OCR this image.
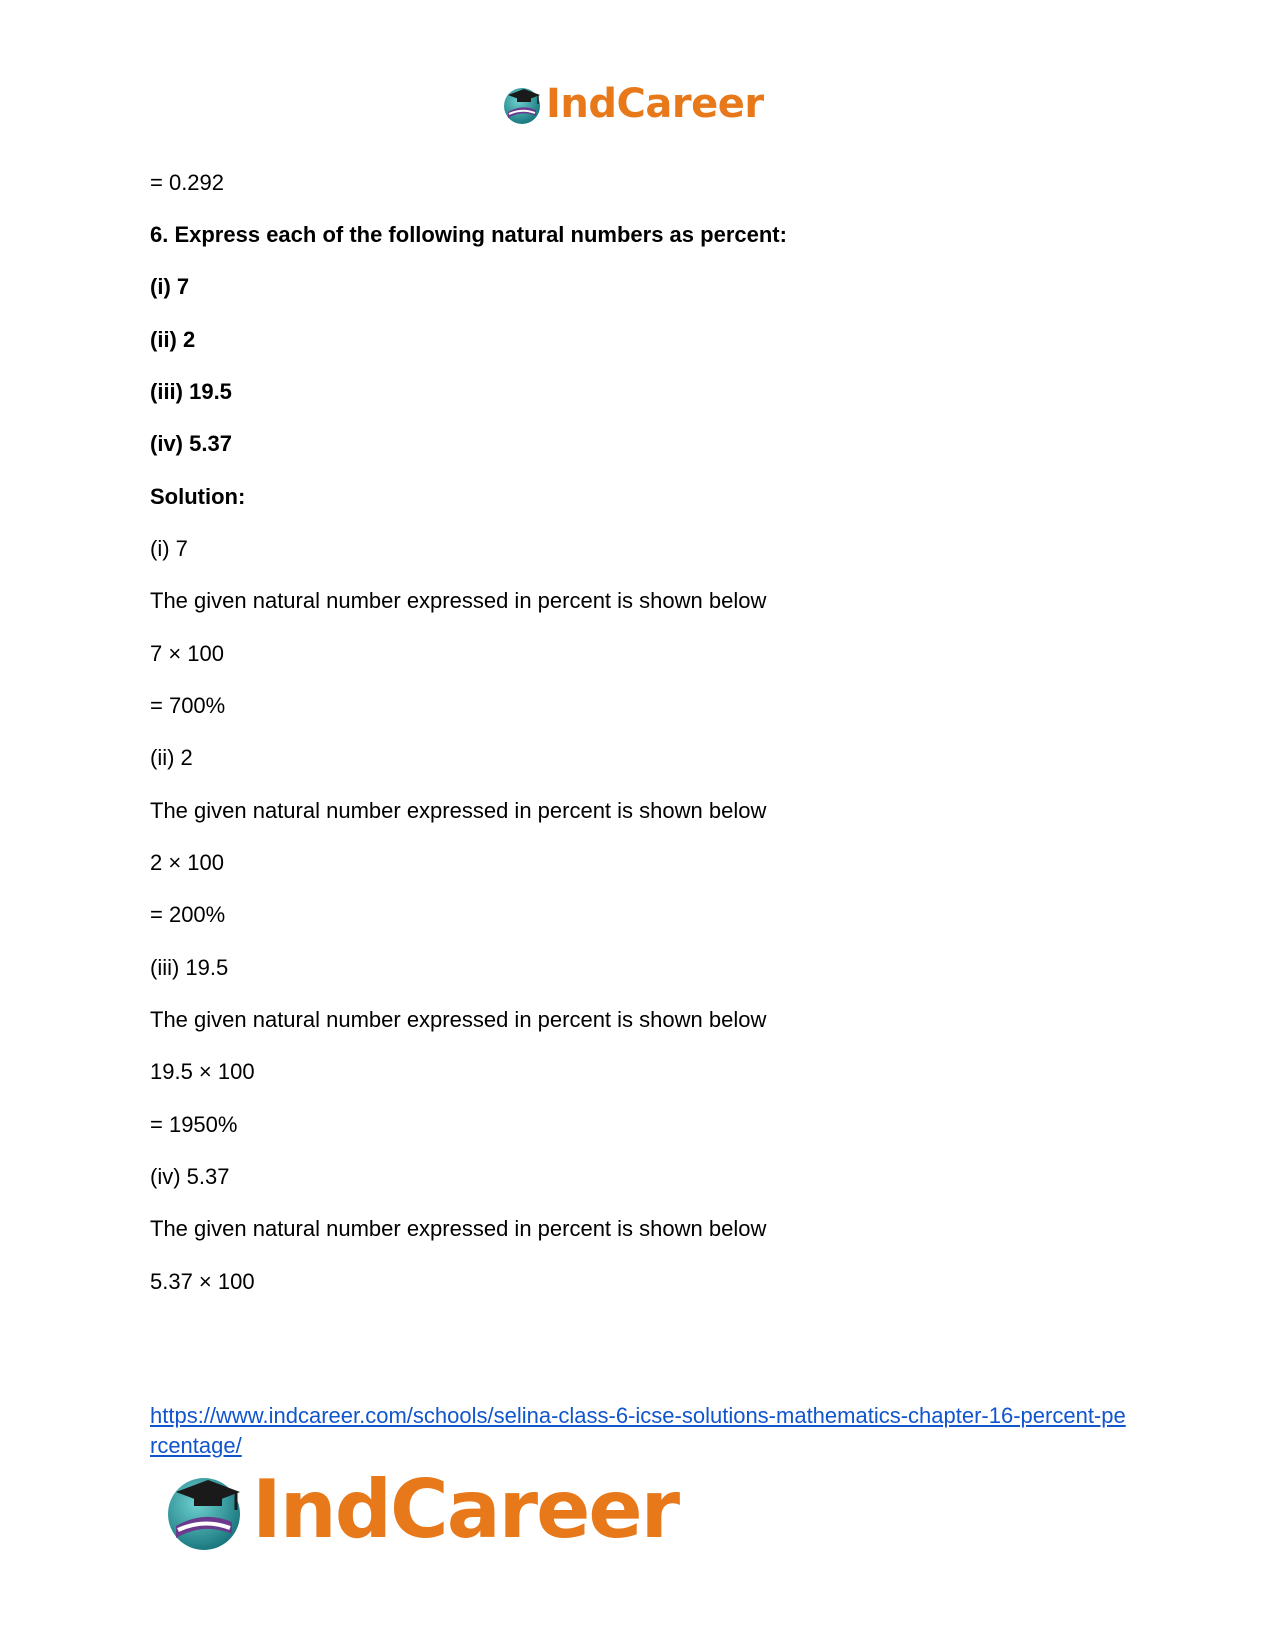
IndCareer
= 0.292
6. Express each of the following natural numbers as percent:
(i) 7
(ii) 2
(iii) 19.5
(iv) 5.37
Solution:
(i) 7
The given natural number expressed in percent is shown below
7 × 100
= 700%
(ii) 2
The given natural number expressed in percent is shown below
2 × 100
= 200%
(iii) 19.5
The given natural number expressed in percent is shown below
19.5 × 100
= 1950%
(iv) 5.37
The given natural number expressed in percent is shown below
5.37 × 100
https://www.indcareer.com/schools/selina-class-6-icse-solutions-mathematics-chapter-16-percent-percentage/
IndCareer
